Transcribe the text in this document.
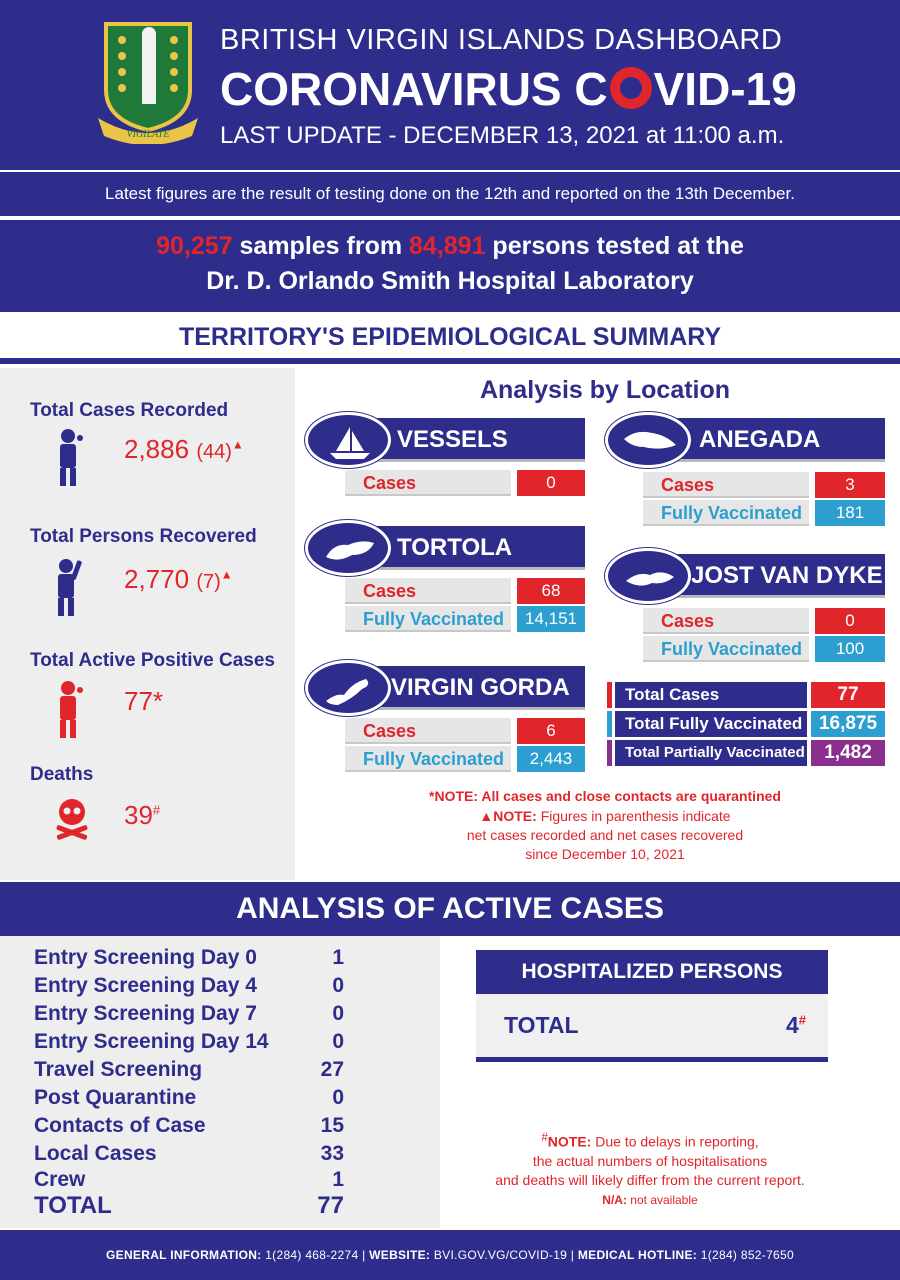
VIGILATE
BRITISH VIRGIN ISLANDS DASHBOARD
CORONAVIRUS C VID-19
LAST UPDATE - DECEMBER 13, 2021 at 11:00 a.m.

Latest figures are the result of testing done on the 12th and reported on the 13th December.

90,257 samples from 84,891 persons tested at the
Dr. D. Orlando Smith Hospital Laboratory
TERRITORY'S EPIDEMIOLOGICAL SUMMARY
Total Cases Recorded
2,886 (44)▲
Total Persons Recovered
2,770 (7)▲
Total Active Positive Cases
77*
Deaths
39#
Analysis by Location
VESSELS
Cases	0
ANEGADA
Cases	3
Fully Vaccinated	181
TORTOLA
Cases	68
Fully Vaccinated	14,151
JOST VAN DYKE
Cases	0
Fully Vaccinated	100
VIRGIN GORDA
Cases	6
Fully Vaccinated	2,443
Total Cases	77
Total Fully Vaccinated 16,875
Total Partially Vaccinated	1,482
*NOTE: All cases and close contacts are quarantined
▲NOTE: Figures in parenthesis indicate
net cases recorded and net cases recovered
since December 10, 2021
ANALYSIS OF ACTIVE CASES
Entry Screening Day 0	1
Entry Screening Day 4	0
Entry Screening Day 7	0
Entry Screening Day 14	0
Travel Screening	27
Post Quarantine	0
Contacts of Case	15
Local Cases	33
Crew	1
TOTAL	77
HOSPITALIZED PERSONS
TOTAL	4#
#NOTE: Due to delays in reporting,
the actual numbers of hospitalisations
and deaths will likely differ from the current report.
N/A: not available
GENERAL INFORMATION: 1(284) 468-2274 | WEBSITE: BVI.GOV.VG/COVID-19 | MEDICAL HOTLINE: 1(284) 852-7650
